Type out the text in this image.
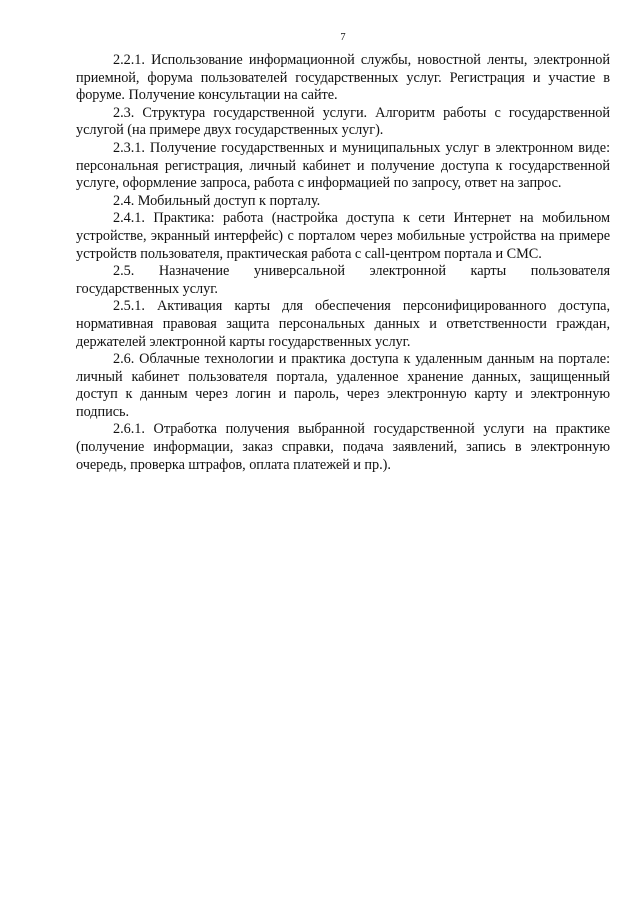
7

2.2.1. Использование информационной службы, новостной ленты, электронной приемной, форума пользователей государственных услуг. Регистрация и участие в форуме. Получение консультации на сайте.

2.3. Структура государственной услуги. Алгоритм работы с государственной услугой (на примере двух государственных услуг).

2.3.1. Получение государственных и муниципальных услуг в электронном виде: персональная регистрация, личный кабинет и получение доступа к государственной услуге, оформление запроса, работа с информацией по запросу, ответ на запрос.

2.4. Мобильный доступ к порталу.

2.4.1. Практика: работа (настройка доступа к сети Интернет на мобильном устройстве, экранный интерфейс) с порталом через мобильные устройства на примере устройств пользователя, практическая работа с call-центром портала и СМС.

2.5. Назначение универсальной электронной карты пользователя государственных услуг.

2.5.1. Активация карты для обеспечения персонифицированного доступа, нормативная правовая защита персональных данных и ответственности граждан, держателей электронной карты государственных услуг.

2.6. Облачные технологии и практика доступа к удаленным данным на портале: личный кабинет пользователя портала, удаленное хранение данных, защищенный доступ к данным через логин и пароль, через электронную карту и электронную подпись.

2.6.1. Отработка получения выбранной государственной услуги на практике (получение информации, заказ справки, подача заявлений, запись в электронную очередь, проверка штрафов, оплата платежей и пр.).
